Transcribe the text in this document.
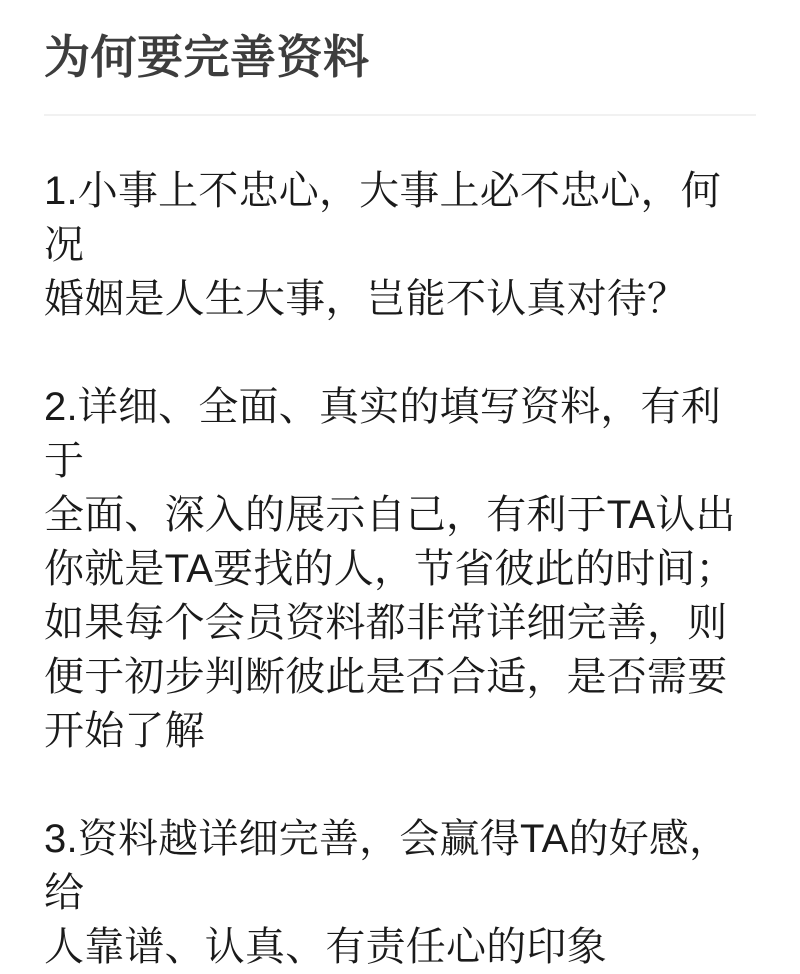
为何要完善资料

1.小事上不忠心，大事上必不忠心，何况
婚姻是人生大事，岂能不认真对待？

2.详细、全面、真实的填写资料，有利于
全面、深入的展示自己，有利于TA认出
你就是TA要找的人，节省彼此的时间；
如果每个会员资料都非常详细完善，则
便于初步判断彼此是否合适，是否需要
开始了解

3.资料越详细完善，会赢得TA的好感，给
人靠谱、认真、有责任心的印象
